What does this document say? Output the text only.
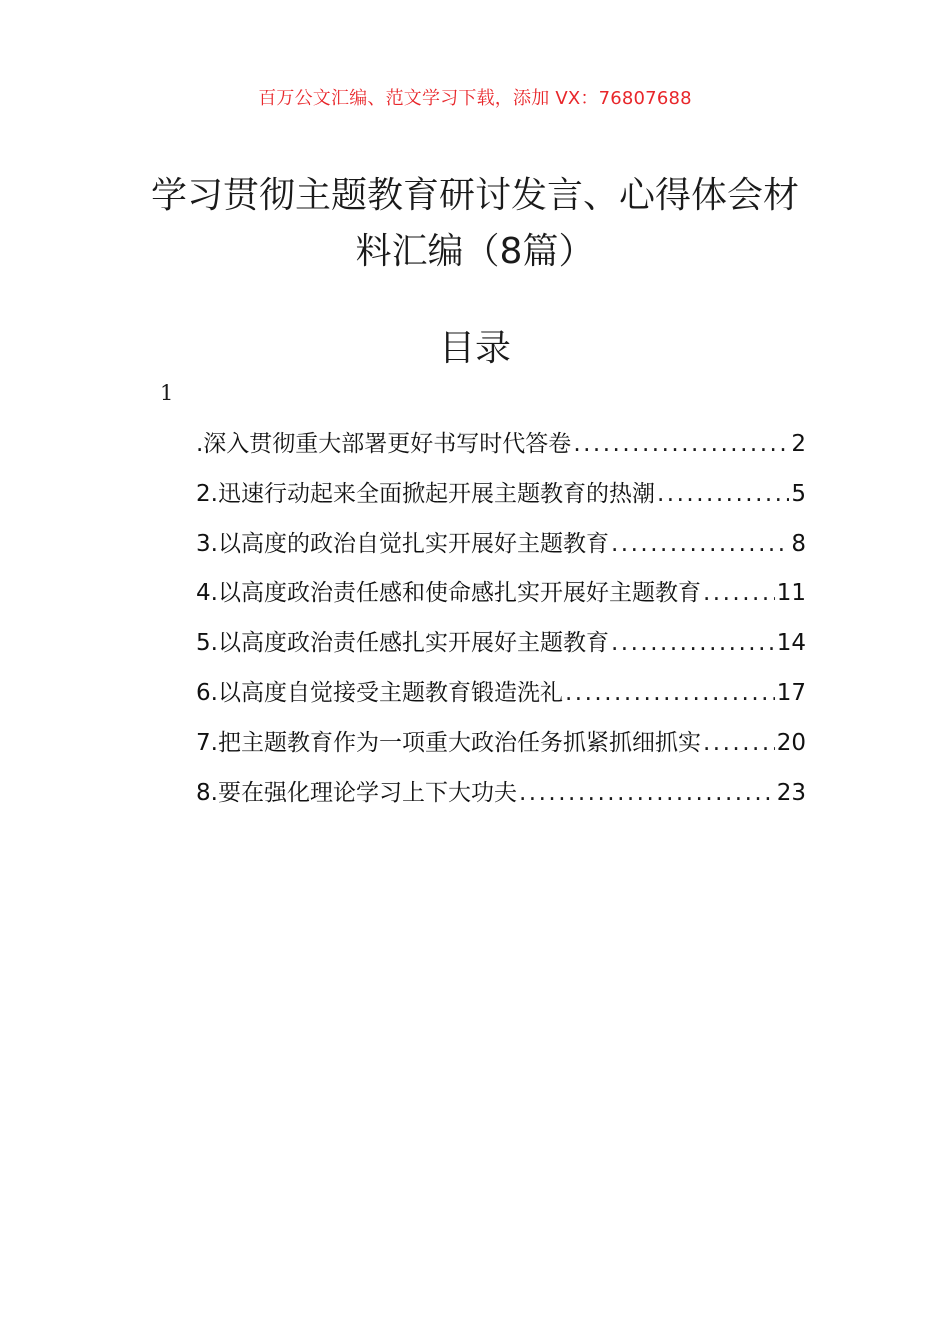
百万公文汇编、范文学习下载，添加 VX：76807688
学习贯彻主题教育研讨发言、心得体会材
料汇编（8篇）
目录
1
.深入贯彻重大部署更好书写时代答卷 .....	2
2.迅速行动起来全面掀起开展主题教育的热潮 .....	5
3.以高度的政治自觉扎实开展好主题教育 .....	8
4.以高度政治责任感和使命感扎实开展好主题教育 .....	11
5.以高度政治责任感扎实开展好主题教育 .....	14
6.以高度自觉接受主题教育锻造洗礼 .....	17
7.把主题教育作为一项重大政治任务抓紧抓细抓实 .....	20
8.要在强化理论学习上下大功夫 .....	23
